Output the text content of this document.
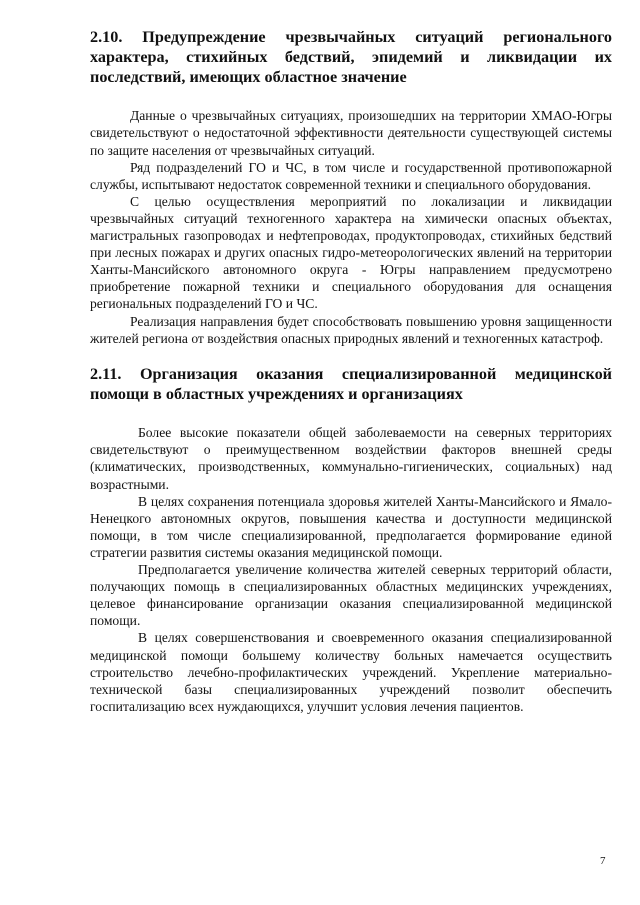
2.10. Предупреждение чрезвычайных ситуаций регионального характера, стихийных бедствий, эпидемий и ликвидации их последствий, имеющих областное значение

Данные о чрезвычайных ситуациях, произошедших на территории ХМАО-Югры свидетельствуют о недостаточной эффективности деятельности существующей системы по защите населения от чрезвычайных ситуаций.

Ряд подразделений ГО и ЧС, в том числе и государственной противопожарной службы, испытывают недостаток современной техники и специального оборудования.

С целью осуществления мероприятий по локализации и ликвидации чрезвычайных ситуаций техногенного характера на химически опасных объектах, магистральных газопроводах и нефтепроводах, продуктопроводах, стихийных бедствий при лесных пожарах и других опасных гидро-метеорологических явлений на территории Ханты-Мансийского автономного округа - Югры направлением предусмотрено приобретение пожарной техники и специального оборудования для оснащения региональных подразделений ГО и ЧС.

Реализация направления будет способствовать повышению уровня защищенности жителей региона от воздействия опасных природных явлений и техногенных катастроф.

2.11. Организация оказания специализированной медицинской помощи в областных учреждениях и организациях

Более высокие показатели общей заболеваемости на северных территориях свидетельствуют о преимущественном воздействии факторов внешней среды (климатических, производственных, коммунально-гигиенических, социальных) над возрастными.

В целях сохранения потенциала здоровья жителей Ханты-Мансийского и Ямало-Ненецкого автономных округов, повышения качества и доступности медицинской помощи, в том числе специализированной, предполагается формирование единой стратегии развития системы оказания медицинской помощи.

Предполагается увеличение количества жителей северных территорий области, получающих помощь в специализированных областных медицинских учреждениях, целевое финансирование организации оказания специализированной медицинской помощи.

В целях совершенствования и своевременного оказания специализированной медицинской помощи большему количеству больных намечается осуществить строительство лечебно-профилактических учреждений. Укрепление материально-технической базы специализированных учреждений позволит обеспечить госпитализацию всех нуждающихся, улучшит условия лечения пациентов.

7
